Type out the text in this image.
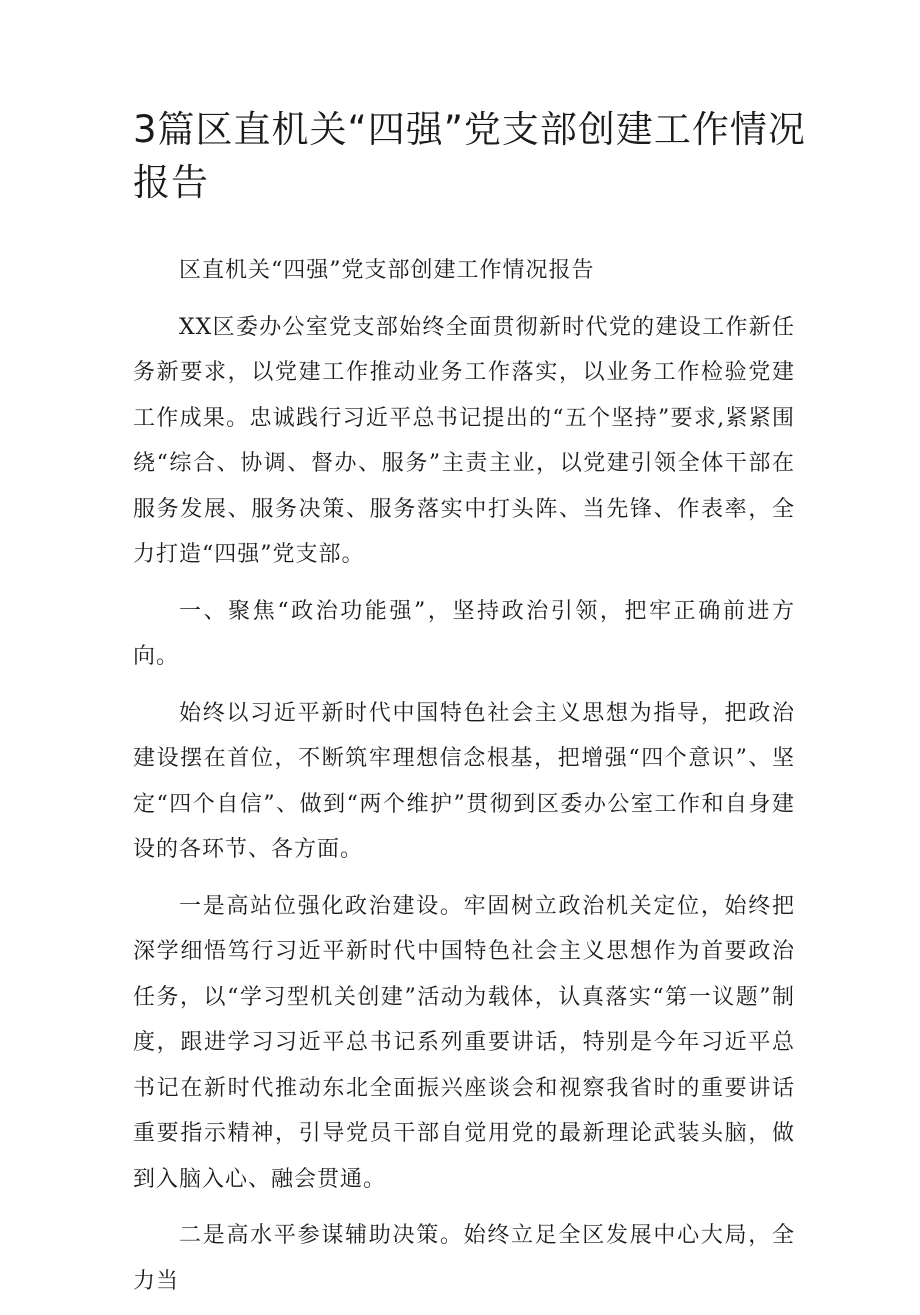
3篇区直机关“四强”党支部创建工作情况报告

区直机关“四强”党支部创建工作情况报告

XX区委办公室党支部始终全面贯彻新时代党的建设工作新任务新要求，以党建工作推动业务工作落实，以业务工作检验党建工作成果。忠诚践行习近平总书记提出的“五个坚持”要求,紧紧围绕“综合、协调、督办、服务”主责主业，以党建引领全体干部在服务发展、服务决策、服务落实中打头阵、当先锋、作表率，全力打造“四强”党支部。

一、聚焦“政治功能强”，坚持政治引领，把牢正确前进方向。

始终以习近平新时代中国特色社会主义思想为指导，把政治建设摆在首位，不断筑牢理想信念根基，把增强“四个意识”、坚定“四个自信”、做到“两个维护”贯彻到区委办公室工作和自身建设的各环节、各方面。

一是高站位强化政治建设。牢固树立政治机关定位，始终把深学细悟笃行习近平新时代中国特色社会主义思想作为首要政治任务，以“学习型机关创建”活动为载体，认真落实“第一议题”制度，跟进学习习近平总书记系列重要讲话，特别是今年习近平总书记在新时代推动东北全面振兴座谈会和视察我省时的重要讲话重要指示精神，引导党员干部自觉用党的最新理论武装头脑，做到入脑入心、融会贯通。

二是高水平参谋辅助决策。始终立足全区发展中心大局，全力当
